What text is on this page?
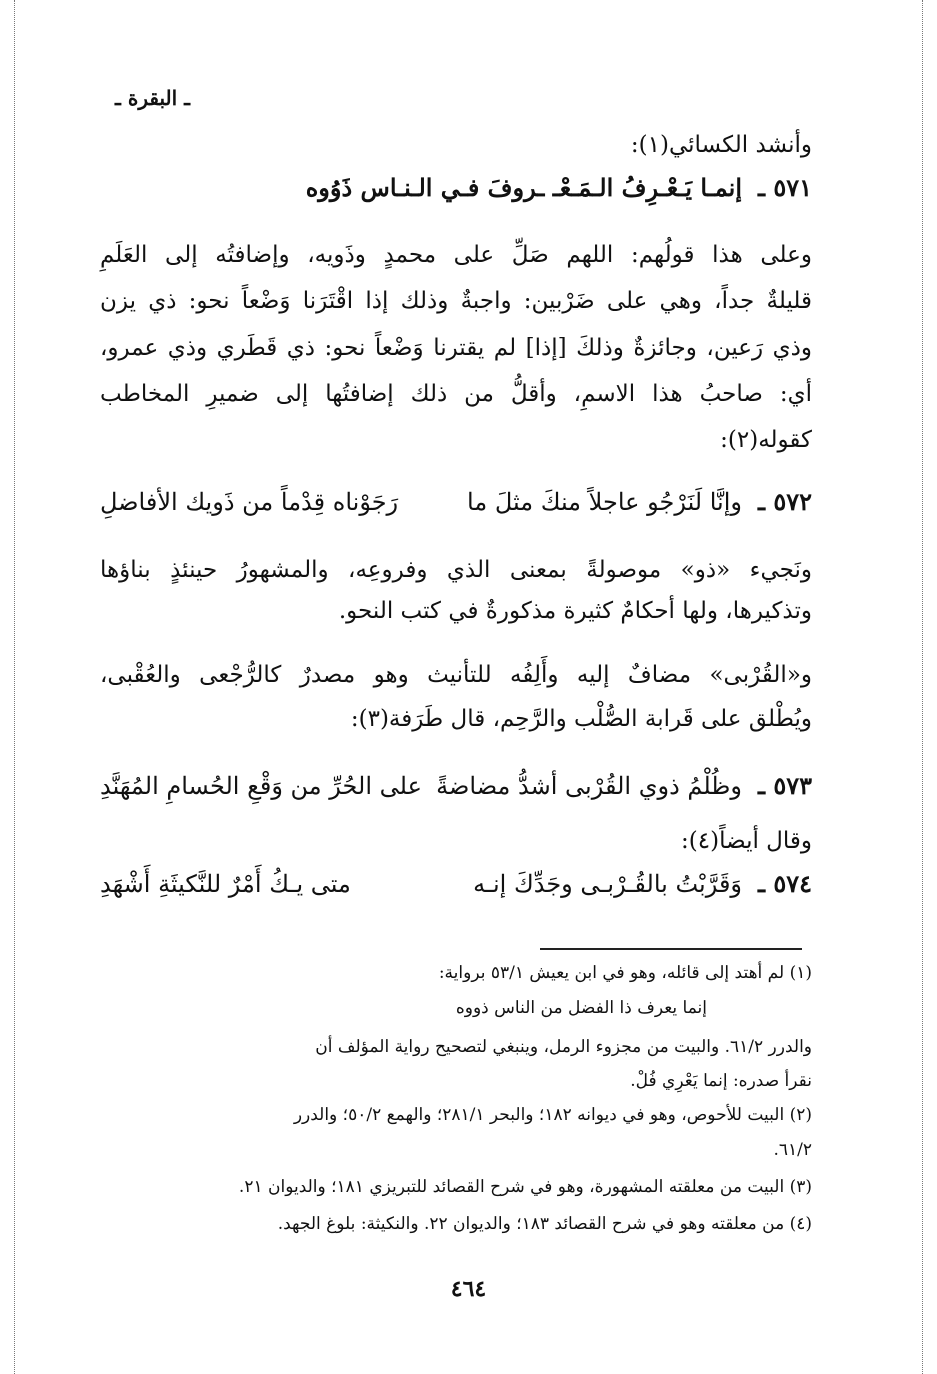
ـ البقرة ـ
وأنشد الكسائي(١):
٥٧١ ـ
إنمـا يَـعْـرِفُ الـمَـعْـ ـروفَ فـي الـنـاس ذَوُوه
وعلى هذا قولُهم: اللهم صَلِّ على محمدٍ وذَويه، وإضافتُه إلى العَلَمِ
قليلةٌ جداً، وهي على ضَرْبين: واجبةٌ وذلك إذا اقْتَرَنا وَضْعاً نحو: ذي يزن
وذي رَعين، وجائزةٌ وذلكَ [إذا] لم يقترنا وَضْعاً نحو: ذي قَطَري وذي عمرو،
أي: صاحبُ هذا الاسمِ، وأقلُّ من ذلك إضافتُها إلى ضميرِ المخاطب
كقوله(٢):
٥٧٢ ـ
وإنَّا لَنَرْجُو عاجلاً منكَ مثلَ ما
رَجَوْناه قِدْماً من ذَويك الأفاضلِ
ونَجيء «ذو» موصولةً بمعنى الذي وفروعِه، والمشهورُ حينئذٍ بناؤها
وتذكيرها، ولها أحكامٌ كثيرة مذكورةٌ في كتب النحو.
و«القُرْبى» مضافٌ إليه وأَلِفُه للتأنيث وهو مصدرٌ كالرُّجْعى والعُقْبى،
ويُطْلق على قَرابة الصُّلْب والرَّحِم، قال طَرَفة(٣):
٥٧٣ ـ
وظُلْمُ ذوي القُرْبى أشدُّ مضاضةً
على الحُرِّ من وَقْعِ الحُسامِ المُهَنَّدِ
وقال أيضاً(٤):
٥٧٤ ـ
وَقَرَّبْتُ بالقُـرْبـى وجَدِّكَ إنـه
متى يـكُ أَمْرٌ للنَّكيثَةِ أَشْهَدِ
(١) لم أهتد إلى قائله، وهو في ابن يعيش ٥٣/١ برواية:
إنما يعرف ذا الفضل من الناس ذووه
والدرر ٦١/٢. والبيت من مجزوء الرمل، وينبغي لتصحيح رواية المؤلف أن
نقرأ صدره: إنما يَعْرِي فُلْ.
(٢) البيت للأحوص، وهو في ديوانه ١٨٢؛ والبحر ٢٨١/١؛ والهمع ٥٠/٢؛ والدرر
٦١/٢.
(٣) البيت من معلقته المشهورة، وهو في شرح القصائد للتبريزي ١٨١؛ والديوان ٢١.
(٤) من معلقته وهو في شرح القصائد ١٨٣؛ والديوان ٢٢. والنكيثة: بلوغ الجهد.
٤٦٤
